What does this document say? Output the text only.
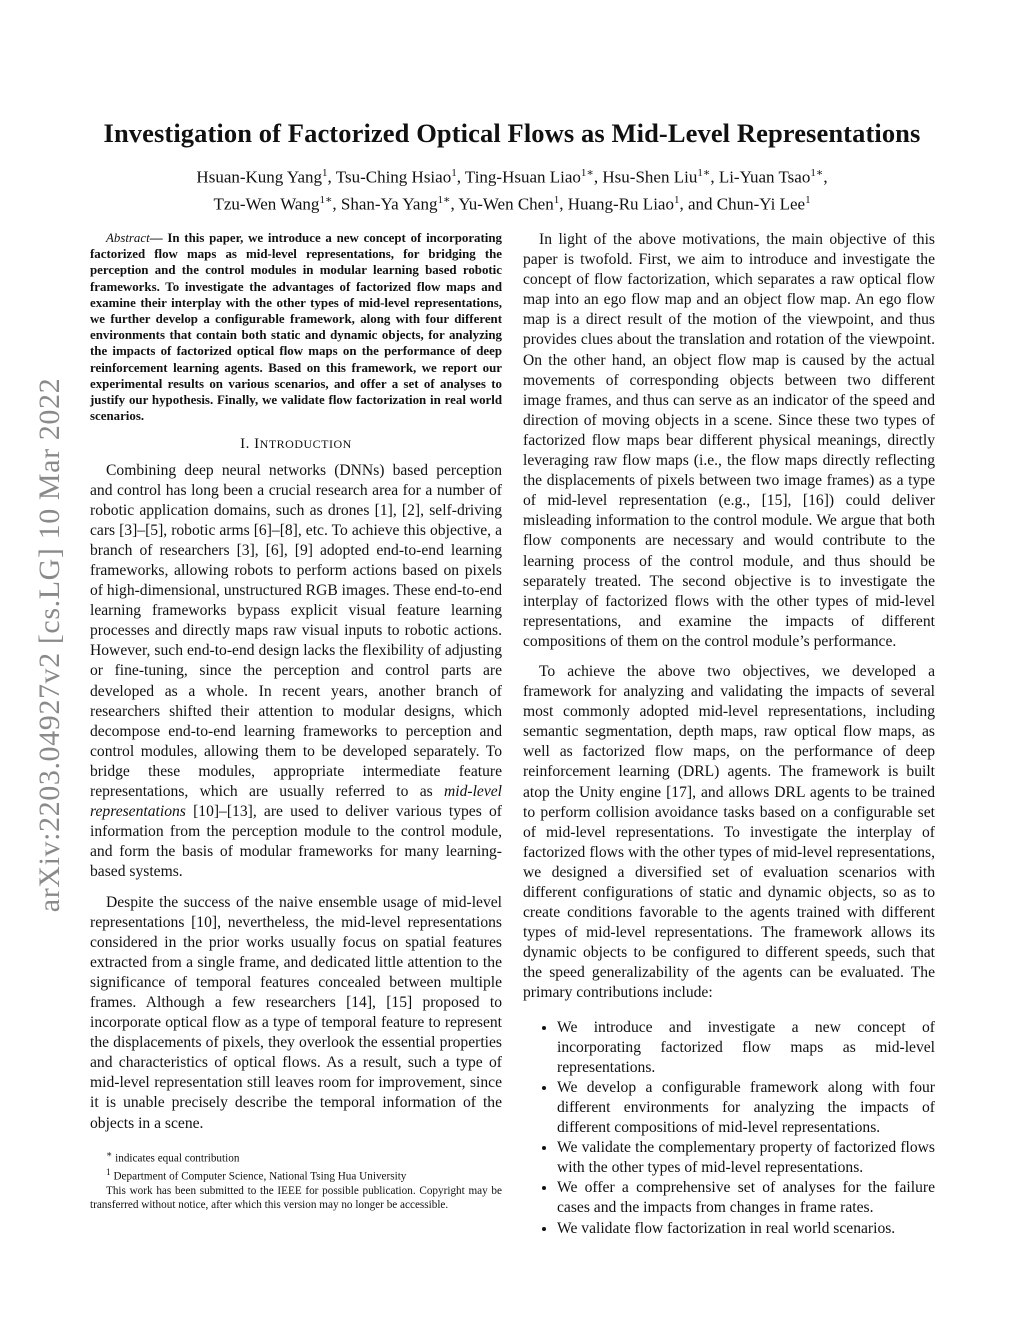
arXiv:2203.04927v2 [cs.LG] 10 Mar 2022
Investigation of Factorized Optical Flows as Mid-Level Representations
Hsuan-Kung Yang$^1$, Tsu-Ching Hsiao$^1$, Ting-Hsuan Liao$^{1∗}$, Hsu-Shen Liu$^{1∗}$, Li-Yuan Tsao$^{1∗}$,
Tzu-Wen Wang$^{1∗}$, Shan-Ya Yang$^{1∗}$, Yu-Wen Chen$^1$, Huang-Ru Liao$^1$, and Chun-Yi Lee$^1$

Abstract— In this paper, we introduce a new concept of incorporating factorized flow maps as mid-level representations, for bridging the perception and the control modules in modular learning based robotic frameworks. To investigate the advantages of factorized flow maps and examine their interplay with the other types of mid-level representations, we further develop a configurable framework, along with four different environments that contain both static and dynamic objects, for analyzing the impacts of factorized optical flow maps on the performance of deep reinforcement learning agents. Based on this framework, we report our experimental results on various scenarios, and offer a set of analyses to justify our hypothesis. Finally, we validate flow factorization in real world scenarios.

I. INTRODUCTION

Combining deep neural networks (DNNs) based perception and control has long been a crucial research area for a number of robotic application domains, such as drones [1], [2], self-driving cars [3]–[5], robotic arms [6]–[8], etc. To achieve this objective, a branch of researchers [3], [6], [9] adopted end-to-end learning frameworks, allowing robots to perform actions based on pixels of high-dimensional, unstructured RGB images. These end-to-end learning frameworks bypass explicit visual feature learning processes and directly maps raw visual inputs to robotic actions. However, such end-to-end design lacks the flexibility of adjusting or fine-tuning, since the perception and control parts are developed as a whole. In recent years, another branch of researchers shifted their attention to modular designs, which decompose end-to-end learning frameworks to perception and control modules, allowing them to be developed separately. To bridge these modules, appropriate intermediate feature representations, which are usually referred to as mid-level representations [10]–[13], are used to deliver various types of information from the perception module to the control module, and form the basis of modular frameworks for many learning-based systems.

Despite the success of the naive ensemble usage of mid-level representations [10], nevertheless, the mid-level representations considered in the prior works usually focus on spatial features extracted from a single frame, and dedicated little attention to the significance of temporal features concealed between multiple frames. Although a few researchers [14], [15] proposed to incorporate optical flow as a type of temporal feature to represent the displacements of pixels, they overlook the essential properties and characteristics of optical flows. As a result, such a type of mid-level representation still leaves room for improvement, since it is unable precisely describe the temporal information of the objects in a scene.

∗ indicates equal contribution
$^1$ Department of Computer Science, National Tsing Hua University
This work has been submitted to the IEEE for possible publication. Copyright may be transferred without notice, after which this version may no longer be accessible.

In light of the above motivations, the main objective of this paper is twofold. First, we aim to introduce and investigate the concept of flow factorization, which separates a raw optical flow map into an ego flow map and an object flow map. An ego flow map is a direct result of the motion of the viewpoint, and thus provides clues about the translation and rotation of the viewpoint. On the other hand, an object flow map is caused by the actual movements of corresponding objects between two different image frames, and thus can serve as an indicator of the speed and direction of moving objects in a scene. Since these two types of factorized flow maps bear different physical meanings, directly leveraging raw flow maps (i.e., the flow maps directly reflecting the displacements of pixels between two image frames) as a type of mid-level representation (e.g., [15], [16]) could deliver misleading information to the control module. We argue that both flow components are necessary and would contribute to the learning process of the control module, and thus should be separately treated. The second objective is to investigate the interplay of factorized flows with the other types of mid-level representations, and examine the impacts of different compositions of them on the control module’s performance.

To achieve the above two objectives, we developed a framework for analyzing and validating the impacts of several most commonly adopted mid-level representations, including semantic segmentation, depth maps, raw optical flow maps, as well as factorized flow maps, on the performance of deep reinforcement learning (DRL) agents. The framework is built atop the Unity engine [17], and allows DRL agents to be trained to perform collision avoidance tasks based on a configurable set of mid-level representations. To investigate the interplay of factorized flows with the other types of mid-level representations, we designed a diversified set of evaluation scenarios with different configurations of static and dynamic objects, so as to create conditions favorable to the agents trained with different types of mid-level representations. The framework allows its dynamic objects to be configured to different speeds, such that the speed generalizability of the agents can be evaluated. The primary contributions include:

• We introduce and investigate a new concept of incorporating factorized flow maps as mid-level representations.
• We develop a configurable framework along with four different environments for analyzing the impacts of different compositions of mid-level representations.
• We validate the complementary property of factorized flows with the other types of mid-level representations.
• We offer a comprehensive set of analyses for the failure cases and the impacts from changes in frame rates.
• We validate flow factorization in real world scenarios.
